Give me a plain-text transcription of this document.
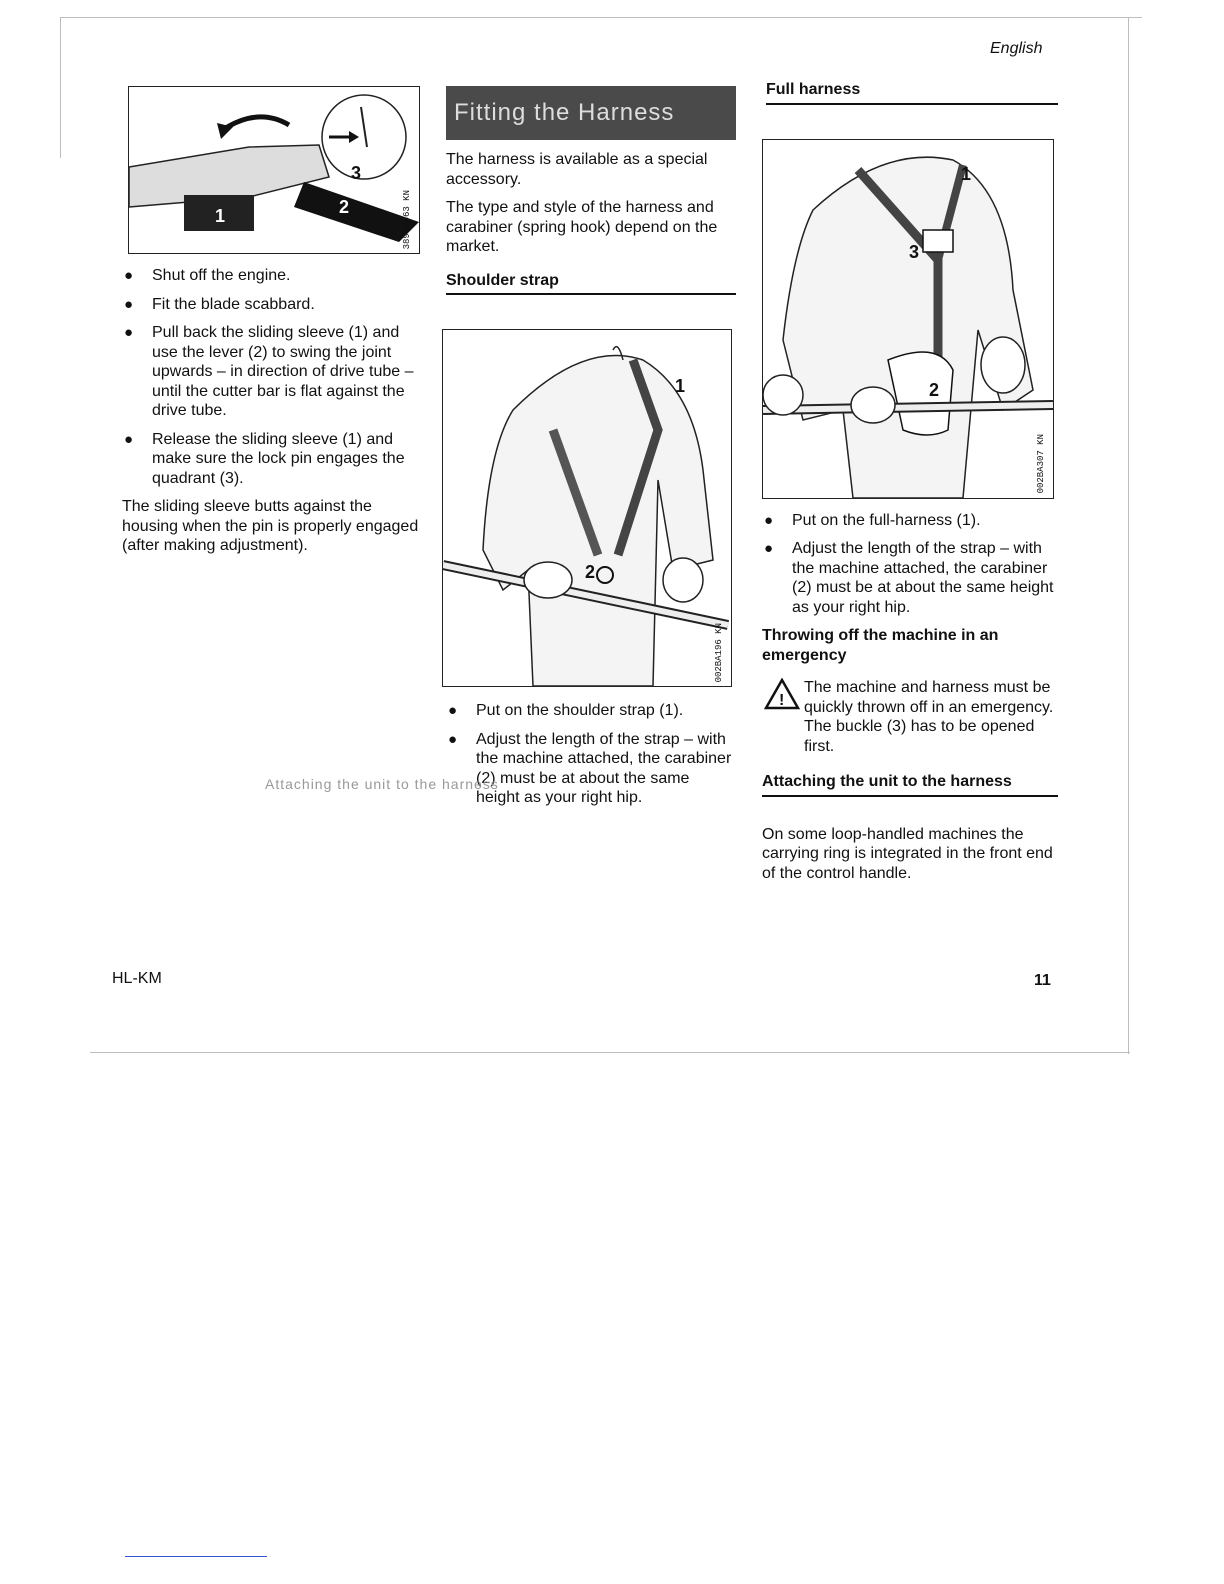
English
1	2
3
3890A063 KN
● Shut off the engine.
● Fit the blade scabbard.
● Pull back the sliding sleeve (1) and use the lever (2) to swing the joint upwards – in direction of drive tube – until the cutter bar is flat against the drive tube.
● Release the sliding sleeve (1) and make sure the lock pin engages the quadrant (3).

The sliding sleeve butts against the housing when the pin is properly engaged (after making adjustment).

Fitting the Harness

The harness is available as a special accessory.

The type and style of the harness and carabiner (spring hook) depend on the market.

Shoulder strap
1
2
002BA196 KN
● Put on the shoulder strap (1).
● Adjust the length of the strap – with the machine attached, the carabiner (2) must be at about the same height as your right hip.
Attaching the unit to the harness
Full harness
1
2
3
002BA307 KN
● Put on the full-harness (1).
● Adjust the length of the strap – with the machine attached, the carabiner (2) must be at about the same height as your right hip.
Throwing off the machine in an emergency
!
The machine and harness must be quickly thrown off in an emergency. The buckle (3) has to be opened first.
Attaching the unit to the harness

On some loop-handled machines the carrying ring is integrated in the front end of the control handle.

HL-KM	11
